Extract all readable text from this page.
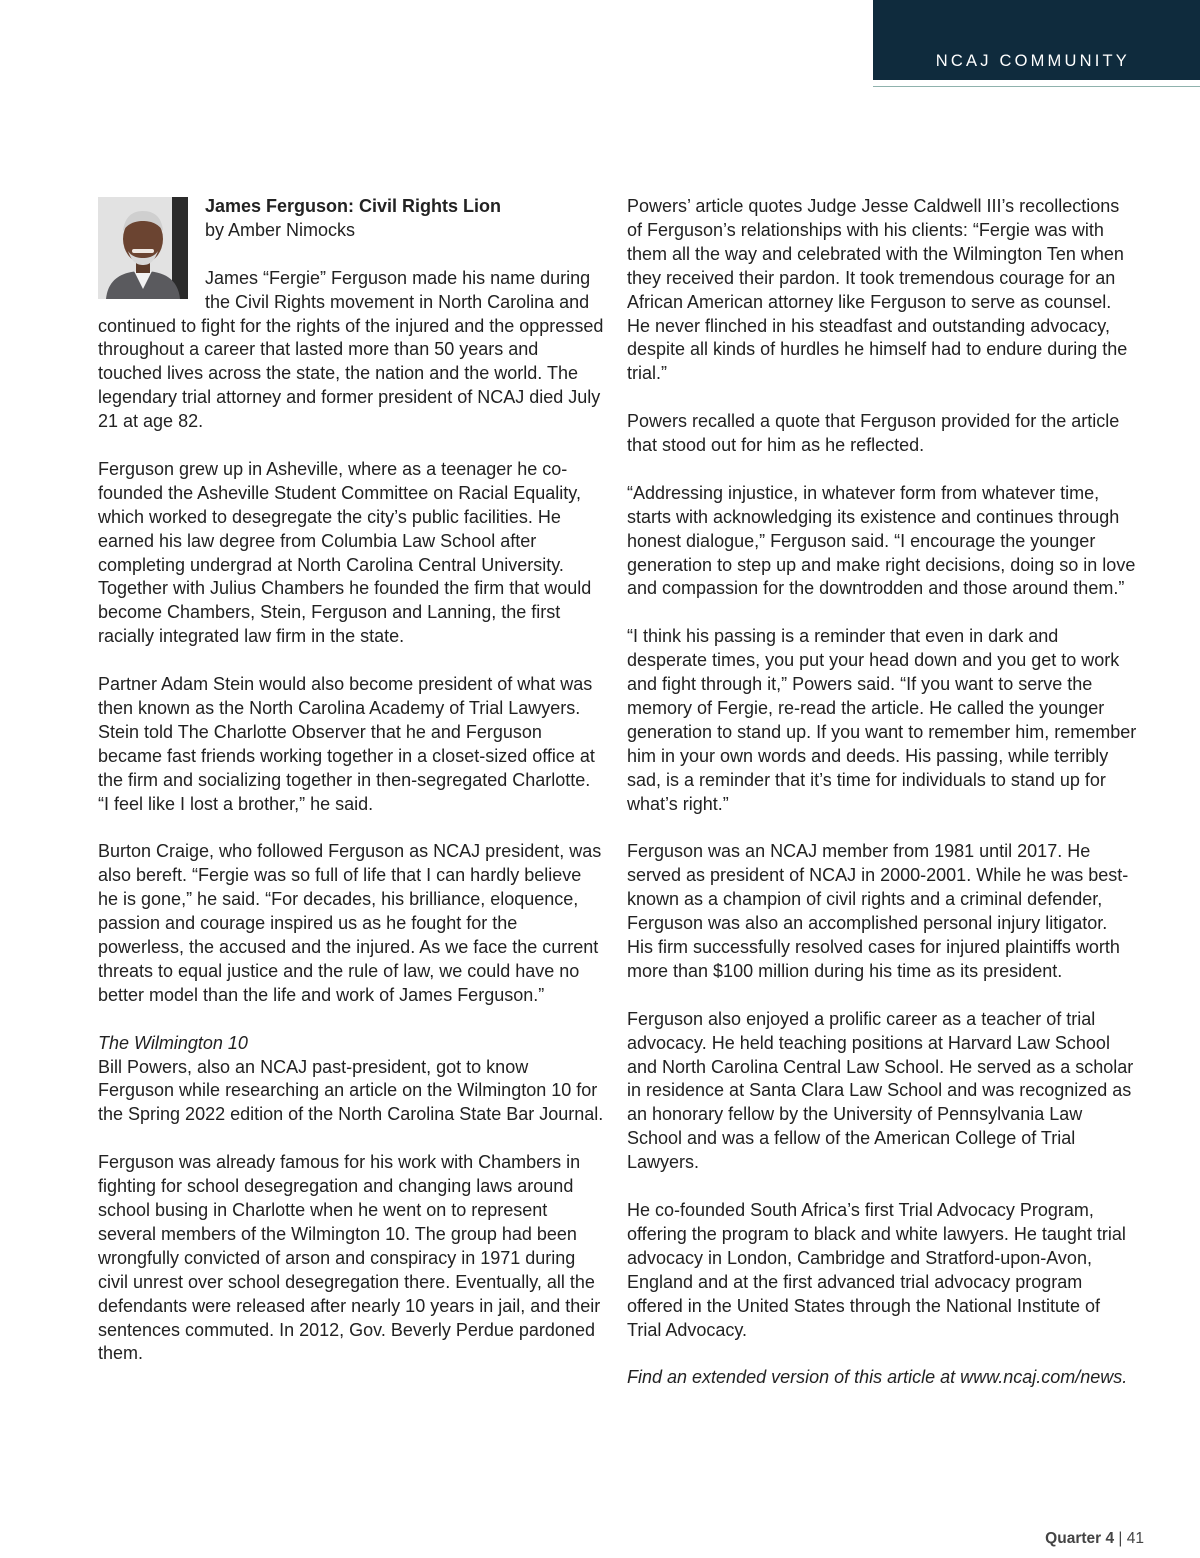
NCAJ COMMUNITY
James Ferguson: Civil Rights Lion
by Amber Nimocks

James “Fergie” Ferguson made his name during the Civil Rights movement in North Carolina and continued to fight for the rights of the injured and the oppressed throughout a career that lasted more than 50 years and touched lives across the state, the nation and the world. The legendary trial attorney and former president of NCAJ died July 21 at age 82.

Ferguson grew up in Asheville, where as a teenager he co-founded the Asheville Student Committee on Racial Equality, which worked to desegregate the city’s public facilities. He earned his law degree from Columbia Law School after completing undergrad at North Carolina Central University. Together with Julius Chambers he founded the firm that would become Chambers, Stein, Ferguson and Lanning, the first racially integrated law firm in the state.

Partner Adam Stein would also become president of what was then known as the North Carolina Academy of Trial Lawyers. Stein told The Charlotte Observer that he and Ferguson became fast friends working together in a closet-sized office at the firm and socializing together in then-segregated Charlotte. “I feel like I lost a brother,” he said.

Burton Craige, who followed Ferguson as NCAJ president, was also bereft. “Fergie was so full of life that I can hardly believe he is gone,” he said. “For decades, his brilliance, eloquence, passion and courage inspired us as he fought for the powerless, the accused and the injured. As we face the current threats to equal justice and the rule of law, we could have no better model than the life and work of James Ferguson.”

The Wilmington 10

Bill Powers, also an NCAJ past-president, got to know Ferguson while researching an article on the Wilmington 10 for the Spring 2022 edition of the North Carolina State Bar Journal.

Ferguson was already famous for his work with Chambers in fighting for school desegregation and changing laws around school busing in Charlotte when he went on to represent several members of the Wilmington 10. The group had been wrongfully convicted of arson and conspiracy in 1971 during civil unrest over school desegregation there. Eventually, all the defendants were released after nearly 10 years in jail, and their sentences commuted. In 2012, Gov. Beverly Perdue pardoned them.

Powers’ article quotes Judge Jesse Caldwell III’s recollections of Ferguson’s relationships with his clients: “Fergie was with them all the way and celebrated with the Wilmington Ten when they received their pardon. It took tremendous courage for an African American attorney like Ferguson to serve as counsel. He never flinched in his steadfast and outstanding advocacy, despite all kinds of hurdles he himself had to endure during the trial.”

Powers recalled a quote that Ferguson provided for the article that stood out for him as he reflected.

“Addressing injustice, in whatever form from whatever time, starts with acknowledging its existence and continues through honest dialogue,” Ferguson said. “I encourage the younger generation to step up and make right decisions, doing so in love and compassion for the downtrodden and those around them.”

“I think his passing is a reminder that even in dark and desperate times, you put your head down and you get to work and fight through it,” Powers said. “If you want to serve the memory of Fergie, re-read the article. He called the younger generation to stand up. If you want to remember him, remember him in your own words and deeds. His passing, while terribly sad, is a reminder that it’s time for individuals to stand up for what’s right.”

Ferguson was an NCAJ member from 1981 until 2017. He served as president of NCAJ in 2000-2001. While he was best-known as a champion of civil rights and a criminal defender, Ferguson was also an accomplished personal injury litigator. His firm successfully resolved cases for injured plaintiffs worth more than $100 million during his time as its president.

Ferguson also enjoyed a prolific career as a teacher of trial advocacy. He held teaching positions at Harvard Law School and North Carolina Central Law School. He served as a scholar in residence at Santa Clara Law School and was recognized as an honorary fellow by the University of Pennsylvania Law School and was a fellow of the American College of Trial Lawyers.

He co-founded South Africa’s first Trial Advocacy Program, offering the program to black and white lawyers. He taught trial advocacy in London, Cambridge and Stratford-upon-Avon, England and at the first advanced trial advocacy program offered in the United States through the National Institute of Trial Advocacy.

Find an extended version of this article at www.ncaj.com/news.

Quarter 4 | 41
